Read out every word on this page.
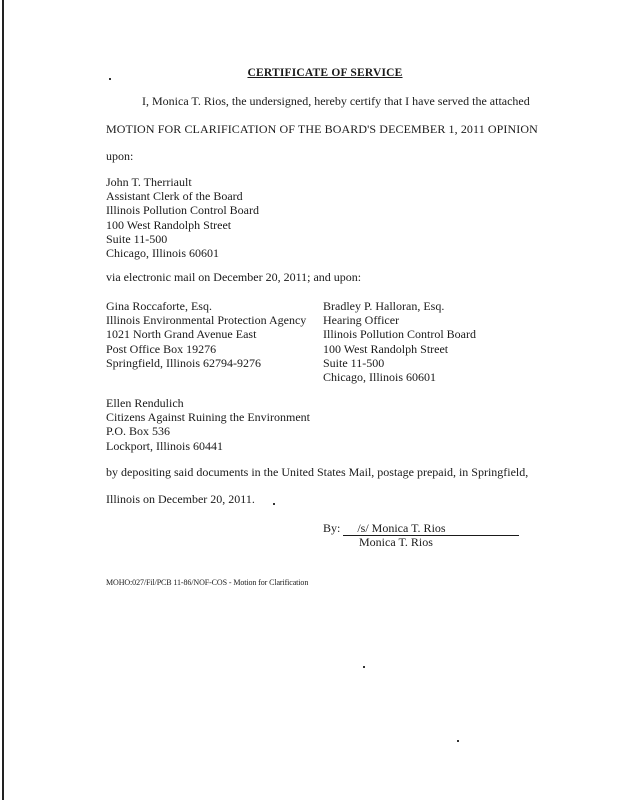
CERTIFICATE OF SERVICE
I, Monica T. Rios, the undersigned, hereby certify that I have served the attached
MOTION FOR CLARIFICATION OF THE BOARD'S DECEMBER 1, 2011 OPINION
upon:
John T. Therriault
Assistant Clerk of the Board
Illinois Pollution Control Board
100 West Randolph Street
Suite 11-500
Chicago, Illinois 60601
via electronic mail on December 20, 2011; and upon:
Gina Roccaforte, Esq.
Illinois Environmental Protection Agency
1021 North Grand Avenue East
Post Office Box 19276
Springfield, Illinois 62794-9276
Bradley P. Halloran, Esq.
Hearing Officer
Illinois Pollution Control Board
100 West Randolph Street
Suite 11-500
Chicago, Illinois 60601
Ellen Rendulich
Citizens Against Ruining the Environment
P.O. Box 536
Lockport, Illinois 60441
by depositing said documents in the United States Mail, postage prepaid, in Springfield,
Illinois on December 20, 2011.
By: /s/ Monica T. Rios
Monica T. Rios
MOHO:027/Fil/PCB 11-86/NOF-COS - Motion for Clarification
